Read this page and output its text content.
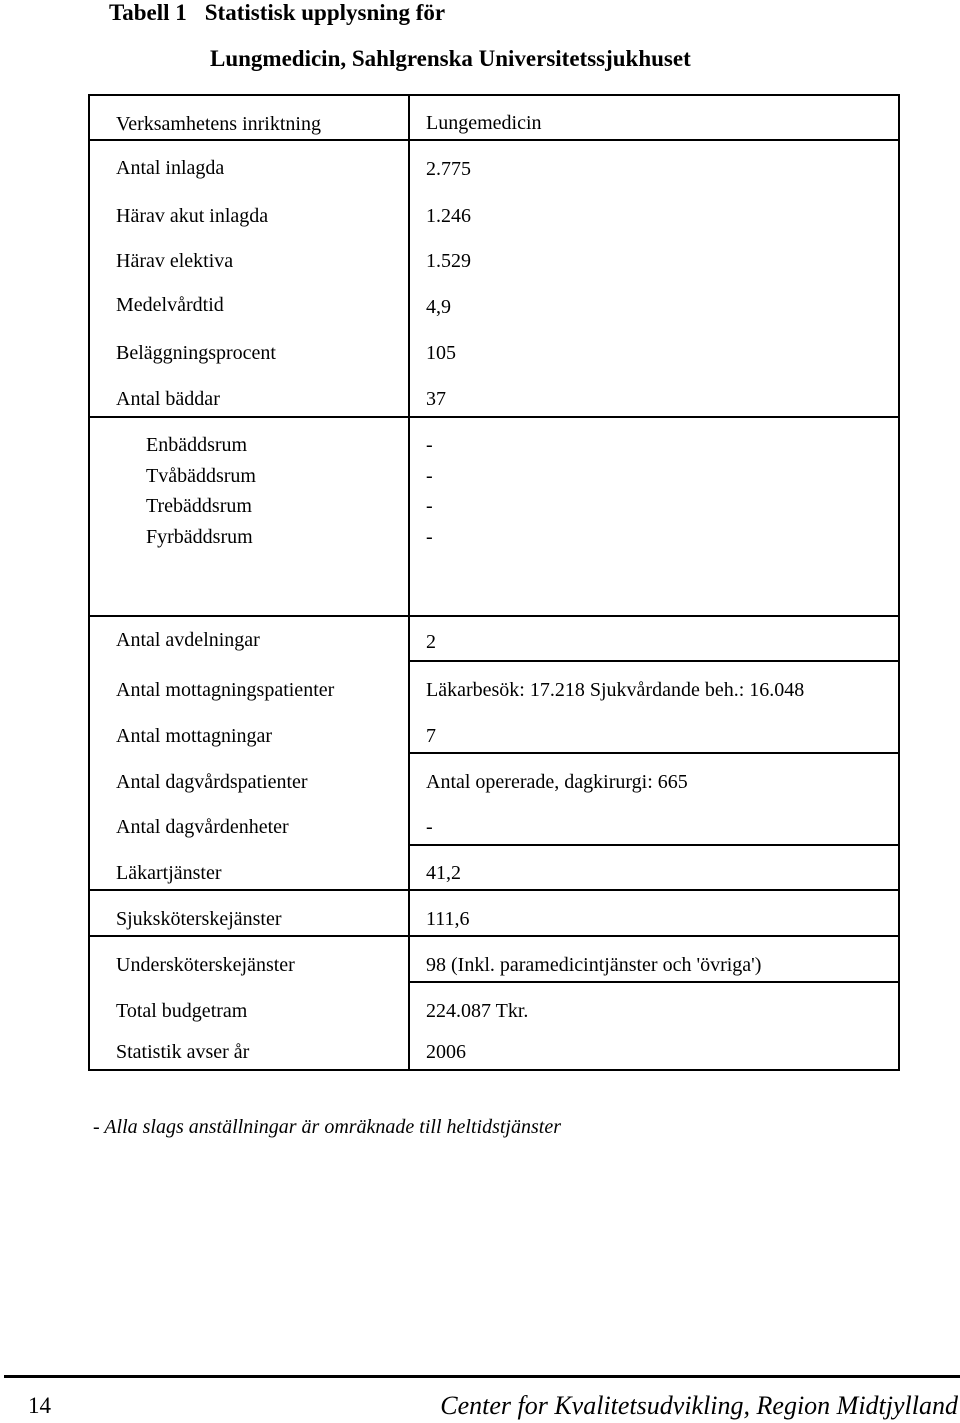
Tabell 1 Statistisk upplysning för
Lungmedicin, Sahlgrenska Universitetssjukhuset
Verksamhetens inriktning	Lungemedicin
Antal inlagda	2.775
Härav akut inlagda	1.246
Härav elektiva	1.529
Medelvårdtid	4,9
Beläggningsprocent	105
Antal bäddar	37
Enbäddsrum	-
Tvåbäddsrum	-
Trebäddsrum	-
Fyrbäddsrum	-
Antal avdelningar	2
Antal mottagningspatienter	Läkarbesök: 17.218 Sjukvårdande beh.: 16.048
Antal mottagningar	7
Antal dagvårdspatienter	Antal opererade, dagkirurgi: 665
Antal dagvårdenheter	-
Läkartjänster	41,2
Sjuksköterskejänster	111,6
Undersköterskejänster	98 (Inkl. paramedicintjänster och 'övriga')
Total budgetram	224.087 Tkr.
Statistik avser år	2006
- Alla slags anställningar är omräknade till heltidstjänster
14	Center for Kvalitetsudvikling, Region Midtjylland
